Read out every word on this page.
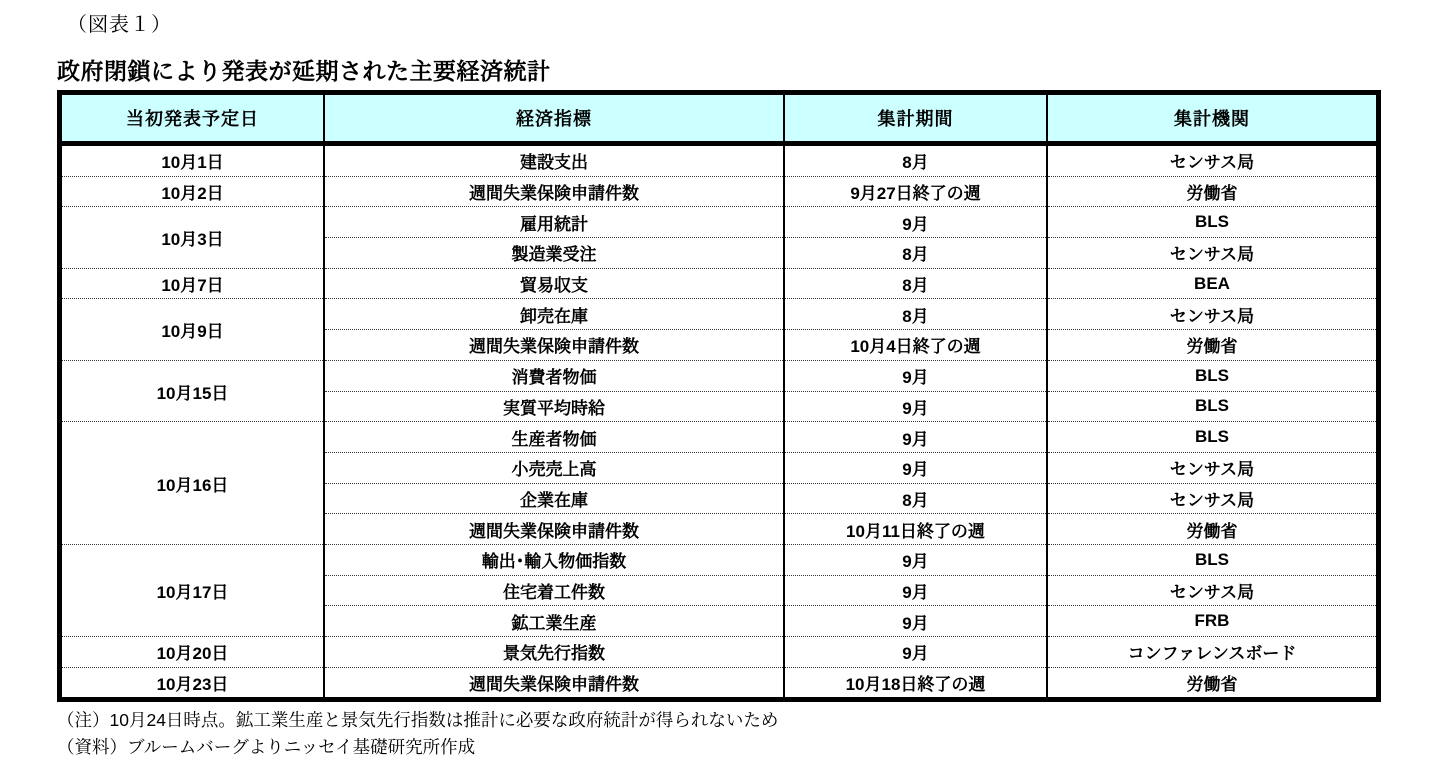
（図表１）
政府閉鎖により発表が延期された主要経済統計
当初発表予定日	経済指標	集計期間	集計機関
10月1日	建設支出	8月	センサス局
10月2日	週間失業保険申請件数	9月27日終了の週	労働省
10月3日	雇用統計	9月	BLS
	製造業受注	8月	センサス局
10月7日	貿易収支	8月	BEA
10月9日	卸売在庫	8月	センサス局
	週間失業保険申請件数	10月4日終了の週	労働省
10月15日	消費者物価	9月	BLS
	実質平均時給	9月	BLS
10月16日	生産者物価	9月	BLS
	小売売上高	9月	センサス局
	企業在庫	8月	センサス局
	週間失業保険申請件数	10月11日終了の週	労働省
10月17日	輸出･輸入物価指数	9月	BLS
	住宅着工件数	9月	センサス局
	鉱工業生産	9月	FRB
10月20日	景気先行指数	9月	コンファレンスボード
10月23日	週間失業保険申請件数	10月18日終了の週	労働省
（注）10月24日時点。鉱工業生産と景気先行指数は推計に必要な政府統計が得られないため
（資料）ブルームバーグよりニッセイ基礎研究所作成
